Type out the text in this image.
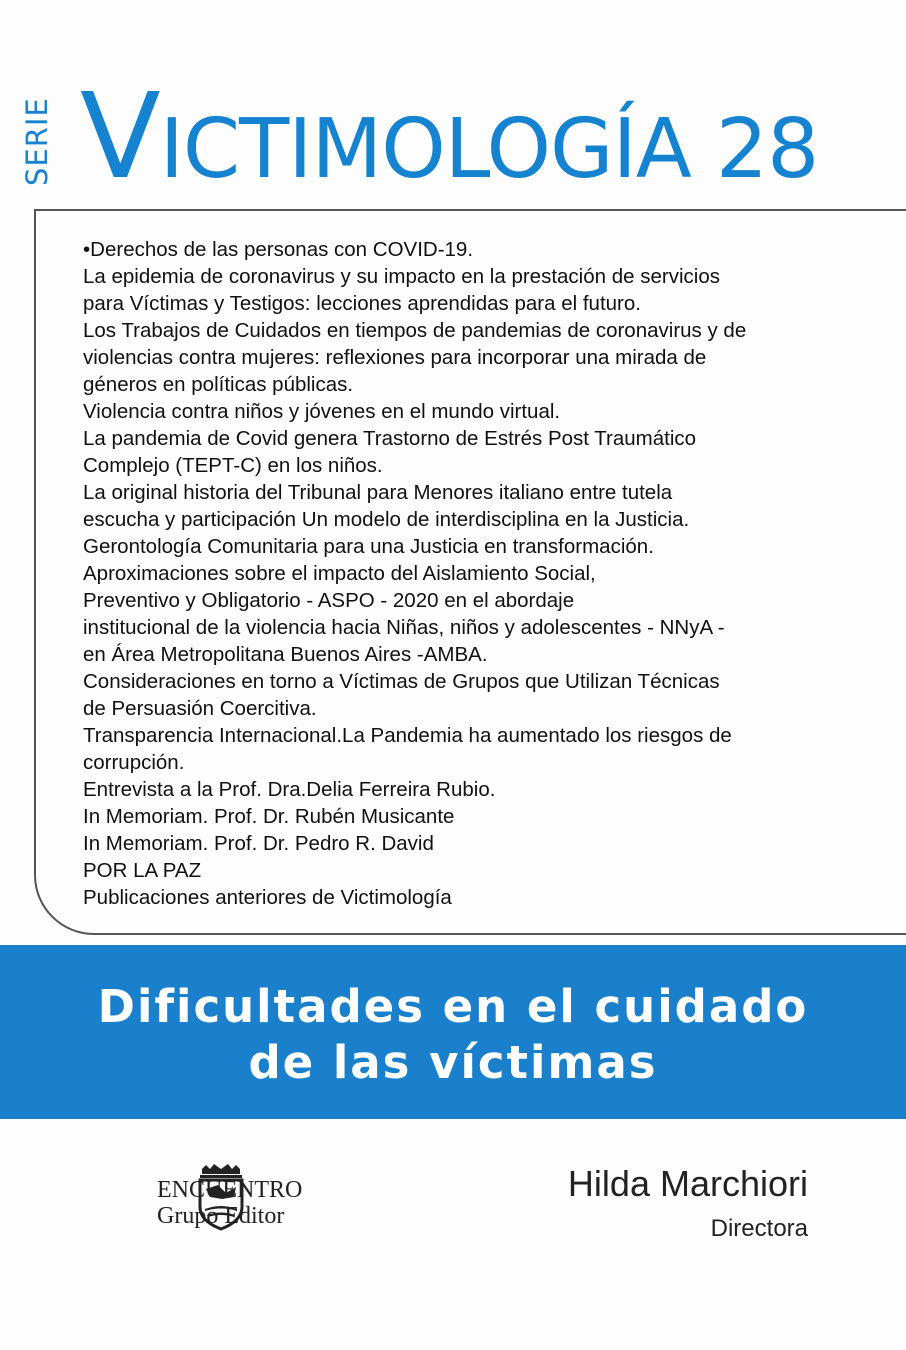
SERIE VICTIMOLOGÍA 28
•Derechos de las personas con COVID-19.
La epidemia de coronavirus y su impacto en la prestación de servicios
para Víctimas y Testigos: lecciones aprendidas para el futuro.
Los Trabajos de Cuidados en tiempos de pandemias de coronavirus y de
violencias contra mujeres: reflexiones para incorporar una mirada de
géneros en políticas públicas.
Violencia contra niños y jóvenes en el mundo virtual.
La pandemia de Covid genera Trastorno de Estrés Post Traumático
Complejo (TEPT-C) en los niños.
La original historia del Tribunal para Menores italiano entre tutela
escucha y participación Un modelo de interdisciplina en la Justicia.
Gerontología Comunitaria para una Justicia en transformación.
Aproximaciones sobre el impacto del Aislamiento Social,
Preventivo y Obligatorio - ASPO - 2020 en el abordaje
institucional de la violencia hacia Niñas, niños y adolescentes - NNyA -
en Área Metropolitana Buenos Aires -AMBA.
Consideraciones en torno a Víctimas de Grupos que Utilizan Técnicas
de Persuasión Coercitiva.
Transparencia Internacional.La Pandemia ha aumentado los riesgos de
corrupción.
Entrevista a la Prof. Dra.Delia Ferreira Rubio.
In Memoriam. Prof. Dr. Rubén Musicante
In Memoriam. Prof. Dr. Pedro R. David
POR LA PAZ
Publicaciones anteriores de Victimología
Dificultades en el cuidado
de las víctimas
ENCUENTRO
Grupo Editor
Hilda Marchiori
Directora
